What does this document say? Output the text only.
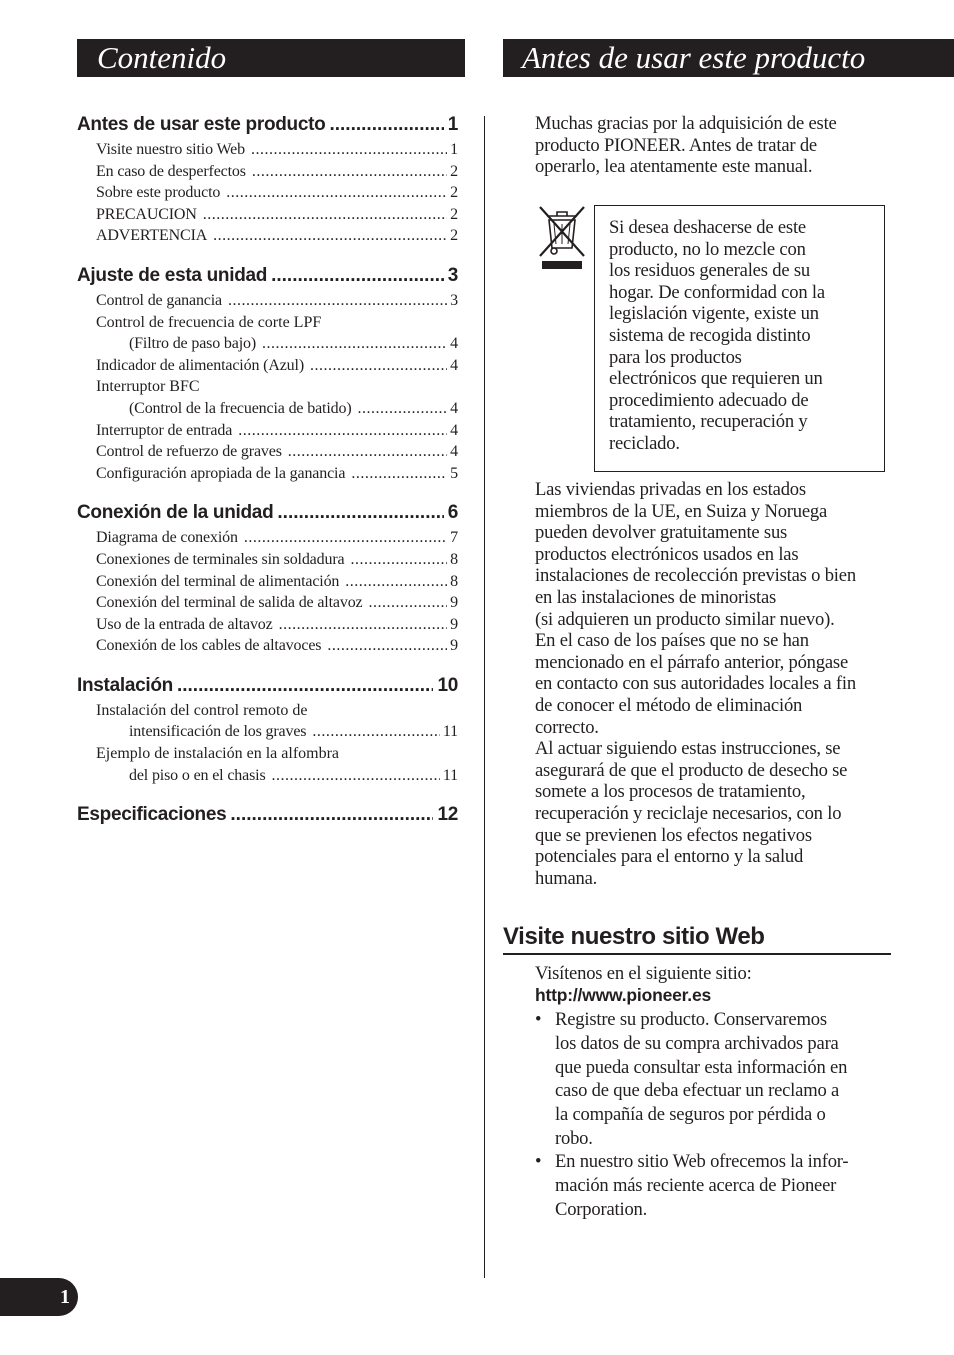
Contenido	Antes de usar este producto
Antes de usar este producto .....	1
Visite nuestro sitio Web .....	1
En caso de desperfectos .....	2
Sobre este producto .....	2
PRECAUCION .....	2
ADVERTENCIA .....	2
Ajuste de esta unidad .....	3
Control de ganancia .....	3
Control de frecuencia de corte LPF
(Filtro de paso bajo) .....	4
Indicador de alimentación (Azul) .....	4
Interruptor BFC
(Control de la frecuencia de batido) .....	4
Interruptor de entrada .....	4
Control de refuerzo de graves .....	4
Configuración apropiada de la ganancia .....	5
Conexión de la unidad .....	6
Diagrama de conexión .....	7
Conexiones de terminales sin soldadura .....	8
Conexión del terminal de alimentación .....	8
Conexión del terminal de salida de altavoz .....	9
Uso de la entrada de altavoz .....	9
Conexión de los cables de altavoces .....	9
Instalación .....	10
Instalación del control remoto de
intensificación de los graves .....	11
Ejemplo de instalación en la alfombra
del piso o en el chasis .....	11
Especificaciones .....	12
Muchas gracias por la adquisición de este
producto PIONEER. Antes de tratar de
operarlo, lea atentamente este manual.
Si desea deshacerse de este
producto, no lo mezcle con
los residuos generales de su
hogar. De conformidad con la
legislación vigente, existe un
sistema de recogida distinto
para los productos
electrónicos que requieren un
procedimiento adecuado de
tratamiento, recuperación y
reciclado.
Las viviendas privadas en los estados
miembros de la UE, en Suiza y Noruega
pueden devolver gratuitamente sus
productos electrónicos usados en las
instalaciones de recolección previstas o bien
en las instalaciones de minoristas
(si adquieren un producto similar nuevo).
En el caso de los países que no se han
mencionado en el párrafo anterior, póngase
en contacto con sus autoridades locales a fin
de conocer el método de eliminación
correcto.
Al actuar siguiendo estas instrucciones, se
asegurará de que el producto de desecho se
somete a los procesos de tratamiento,
recuperación y reciclaje necesarios, con lo
que se previenen los efectos negativos
potenciales para el entorno y la salud
humana.
Visite nuestro sitio Web
Visítenos en el siguiente sitio:
http://www.pioneer.es
• Registre su producto. Conservaremos
los datos de su compra archivados para
que pueda consultar esta información en
caso de que deba efectuar un reclamo a
la compañía de seguros por pérdida o
robo.
• En nuestro sitio Web ofrecemos la infor-
mación más reciente acerca de Pioneer
Corporation.
1
